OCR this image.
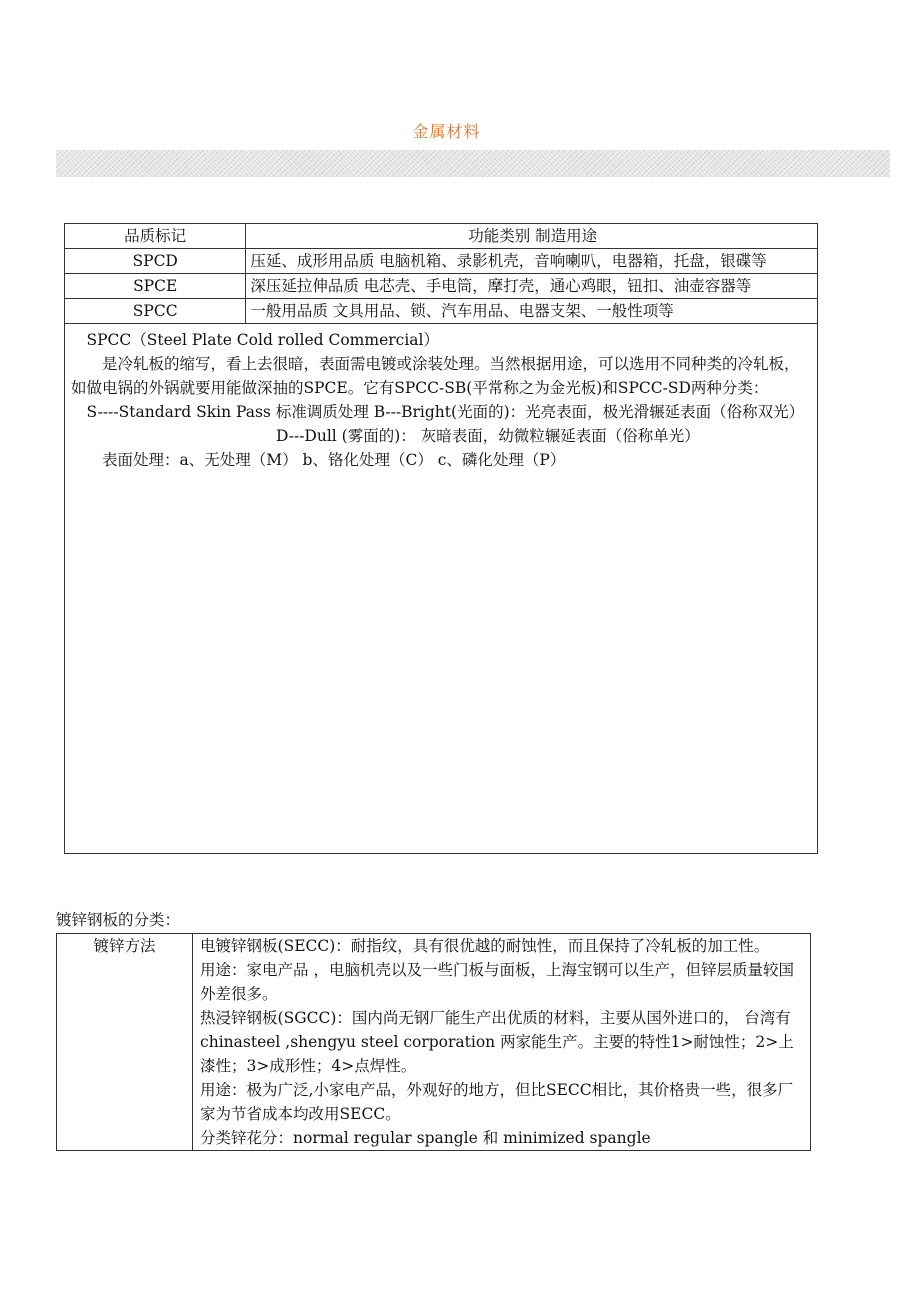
金属材料
品质标记	功能类别 制造用途
SPCD	压延、成形用品质 电脑机箱、录影机壳，音响喇叭，电器箱，托盘，银碟等
SPCE	深压延拉伸品质 电芯壳、手电筒，摩打壳，通心鸡眼，钮扣、油壶容器等
SPCC	一般用品质 文具用品、锁、汽车用品、电器支架、一般性项等

SPCC（Steel Plate Cold rolled Commercial）

是冷轧板的缩写，看上去很暗，表面需电镀或涂装处理。当然根据用途，可以选用不同种类的冷轧板，如做电锅的外锅就要用能做深抽的SPCE。它有SPCC-SB(平常称之为金光板)和SPCC-SD两种分类：

S----Standard Skin Pass 标准调质处理 B---Bright(光面的)：光亮表面，极光滑辗延表面（俗称双光）

D---Dull (雾面的)： 灰暗表面，幼微粒辗延表面（俗称单光）

表面处理：a、无处理（M） b、铬化处理（C） c、磷化处理（P）	

镀锌钢板的分类：
镀锌方法	电镀锌钢板(SECC)：耐指纹，具有很优越的耐蚀性，而且保持了冷轧板的加工性。
用途：家电产品 ，电脑机壳以及一些门板与面板，上海宝钢可以生产，但锌层质量较国外差很多。
热浸锌钢板(SGCC)：国内尚无钢厂能生产出优质的材料，主要从国外进口的， 台湾有chinasteel ,shengyu steel corporation 两家能生产。主要的特性1>耐蚀性；2>上漆性；3>成形性；4>点焊性。
用途：极为广泛,小家电产品，外观好的地方，但比SECC相比，其价格贵一些，很多厂家为节省成本均改用SECC。
分类锌花分：normal regular spangle 和 minimized spangle
